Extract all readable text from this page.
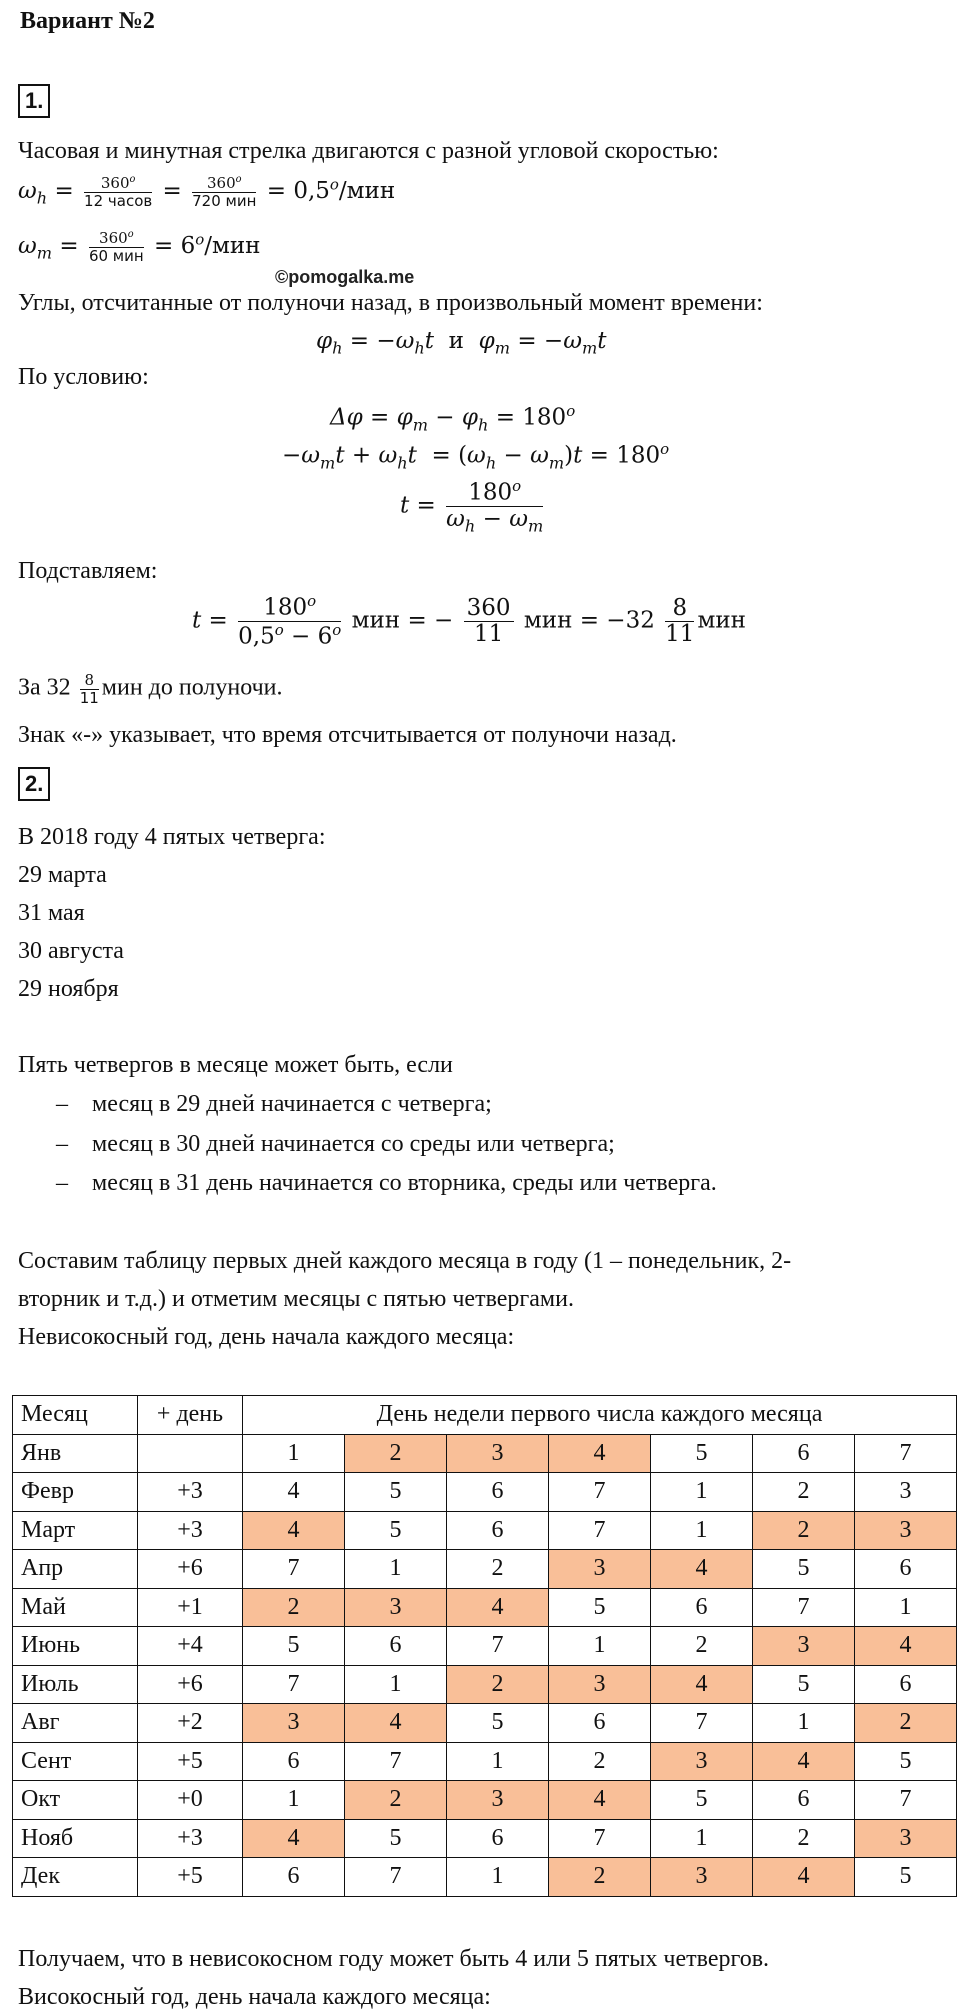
Вариант №2
1.
Часовая и минутная стрелка двигаются с разной угловой скоростью:
$\omega_h = \frac{360^o}{\text{12 часов}} = \frac{360^o}{\text{720 мин}} = 0,5^o/мин$
$\omega_m = \frac{360^o}{\text{60 мин}} = 6^o/мин$
©pomogalka.me
Углы, отсчитанные от полуночи назад, в произвольный момент времени:
$\varphi_h = -\omega_ht$ и $\varphi_m = -\omega_mt$
По условию:
$\Delta\varphi = \varphi_m - \varphi_h = 180^o$
$-\omega_mt + \omega_ht = (\omega_h - \omega_m)t = 180^o$
$t = \frac{180^o}{\omega_h - \omega_m}$
Подставляем:
$t = \frac{180^o}{0,5^o - 6^o}$ мин = − $\frac{360}{11}$ мин = $-32 \frac{8}{11}$ мин
За $32 \frac{8}{11}$ мин до полуночи.
Знак «-» указывает, что время отсчитывается от полуночи назад.
2.
В 2018 году 4 пятых четверга:
29 марта
31 мая
30 августа
29 ноября
Пять четвергов в месяце может быть, если
–    месяц в 29 дней начинается с четверга;
–    месяц в 30 дней начинается со среды или четверга;
–    месяц в 31 день начинается со вторника, среды или четверга.
Составим таблицу первых дней каждого месяца в году (1 – понедельник, 2-
вторник и т.д.) и отметим месяцы с пятью четвергами.
Невисокосный год, день начала каждого месяца:
Месяц	+ день	День недели первого числа каждого месяца						
Янв		1	2	3	4	5	6	7
Февр	+3	4	5	6	7	1	2	3
Март	+3	4	5	6	7	1	2	3
Апр	+6	7	1	2	3	4	5	6
Май	+1	2	3	4	5	6	7	1
Июнь	+4	5	6	7	1	2	3	4
Июль	+6	7	1	2	3	4	5	6
Авг	+2	3	4	5	6	7	1	2
Сент	+5	6	7	1	2	3	4	5
Окт	+0	1	2	3	4	5	6	7
Нояб	+3	4	5	6	7	1	2	3
Дек	+5	6	7	1	2	3	4	5
Получаем, что в невисокосном году может быть 4 или 5 пятых четвергов.
Високосный год, день начала каждого месяца:
